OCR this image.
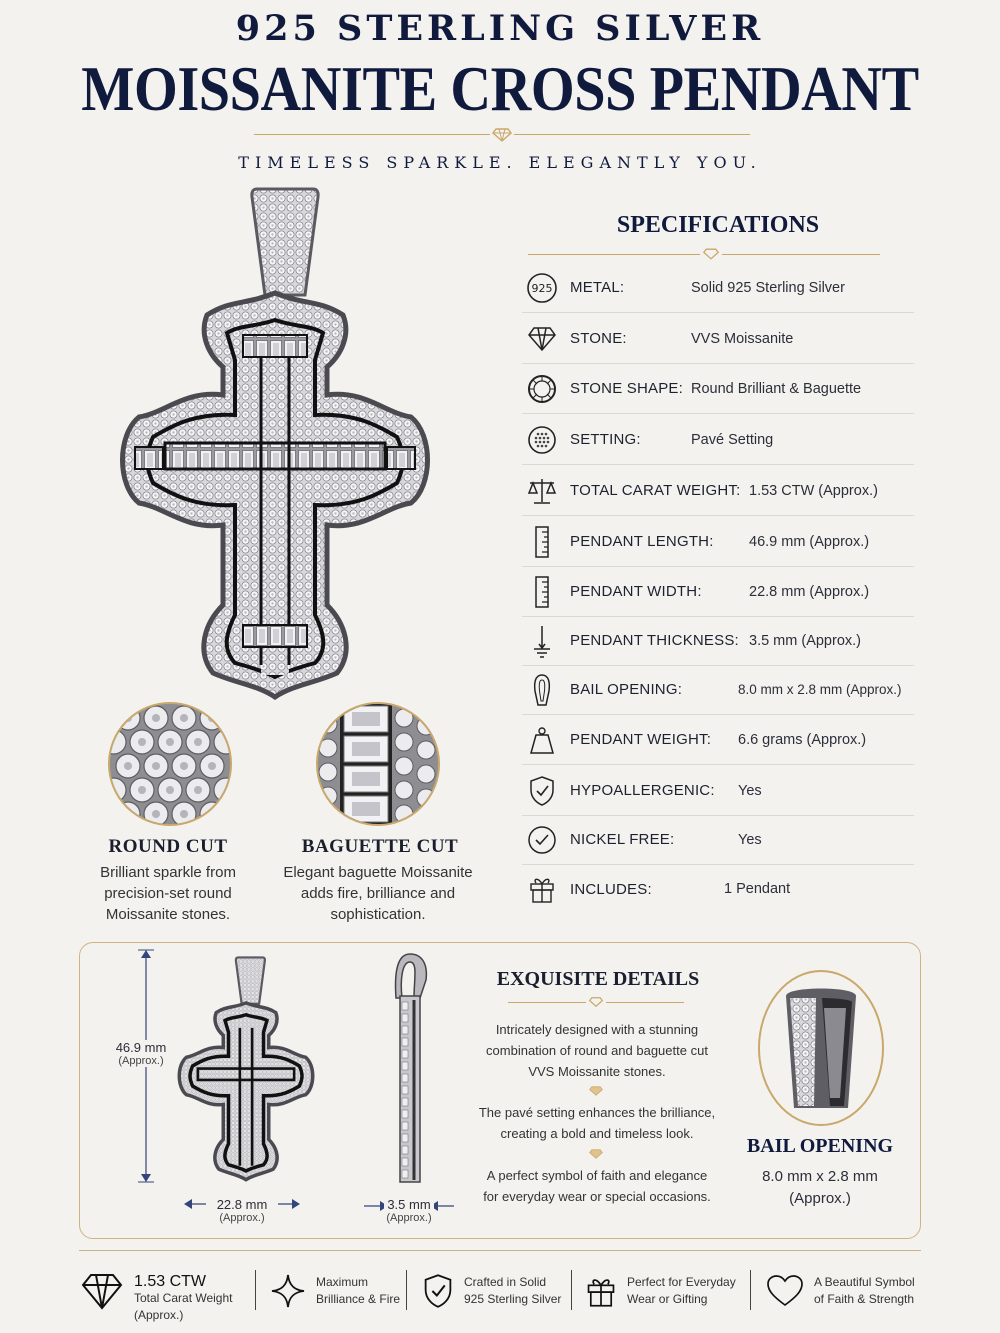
925 STERLING SILVER
MOISSANITE CROSS PENDANT
TIMELESS SPARKLE. ELEGANTLY YOU.
SPECIFICATIONS
925 METAL:	Solid 925 Sterling Silver
STONE:	VVS Moissanite
STONE SHAPE: Round Brilliant & Baguette
SETTING:	Pavé Setting
TOTAL CARAT WEIGHT: 1.53 CTW (Approx.)
PENDANT LENGTH: 46.9 mm (Approx.)
PENDANT WIDTH:	22.8 mm (Approx.)
PENDANT THICKNESS: 3.5 mm (Approx.)
BAIL OPENING:	8.0 mm x 2.8 mm (Approx.)
PENDANT WEIGHT: 6.6 grams (Approx.)
HYPOALLERGENIC: Yes
NICKEL FREE:	Yes
INCLUDES:	1 Pendant
ROUND CUT
Brilliant sparkle from
precision-set round
Moissanite stones.
BAGUETTE CUT
Elegant baguette Moissanite
adds fire, brilliance and
sophistication.
46.9 mm
(Approx.)
22.8 mm
(Approx.)
3.5 mm
(Approx.)
EXQUISITE DETAILS
Intricately designed with a stunning
combination of round and baguette cut
VVS Moissanite stones.
The pavé setting enhances the brilliance,
creating a bold and timeless look.
A perfect symbol of faith and elegance
for everyday wear or special occasions.
BAIL OPENING
8.0 mm x 2.8 mm
(Approx.)
1.53 CTW
Total Carat Weight
(Approx.)
Maximum
Brilliance & Fire
Crafted in Solid
925 Sterling Silver
Perfect for Everyday
Wear or Gifting
A Beautiful Symbol
of Faith & Strength
